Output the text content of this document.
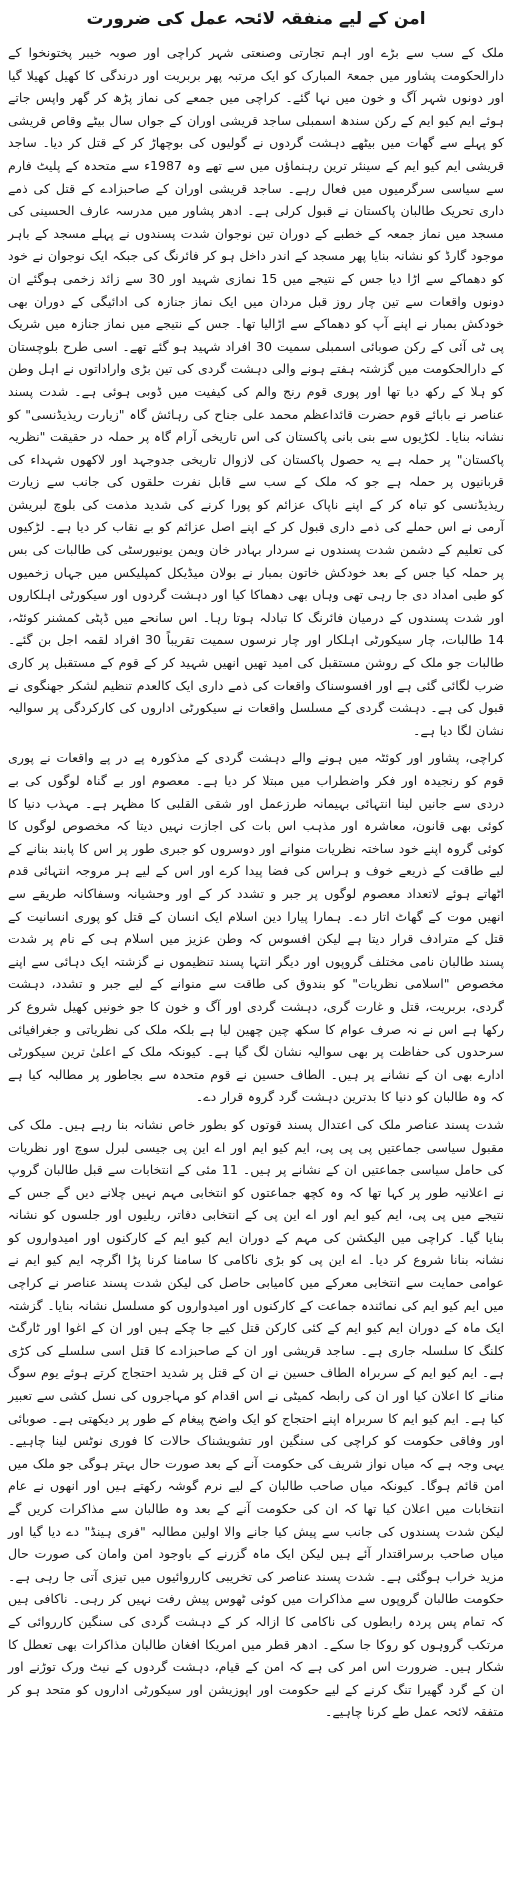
امن کے لیے منفقہ لائحہ عمل کی ضرورت

ملک کے سب سے بڑے اور اہم تجارتی وصنعتی شہر کراچی اور صوبہ خیبر پختونخوا کے دارالحکومت پشاور میں جمعۃ المبارک کو ایک مرتبہ پھر بربریت اور درندگی کا کھیل کھیلا گیا اور دونوں شہر آگ و خون میں نہا گئے۔ کراچی میں جمعے کی نماز پڑھ کر گھر واپس جاتے ہوئے ایم کیو ایم کے رکن سندھ اسمبلی ساجد قریشی اوران کے جواں سال بیٹے وقاص قریشی کو پہلے سے گھات میں بیٹھے دہشت گردوں نے گولیوں کی بوچھاڑ کر کے قتل کر دیا۔ ساجد قریشی ایم کیو ایم کے سینئر ترین رہنماؤں میں سے تھے وہ 1987ء سے متحدہ کے پلیٹ فارم سے سیاسی سرگرمیوں میں فعال رہے۔ ساجد قریشی اوران کے صاحبزادے کے قتل کی ذمے داری تحریک طالبان پاکستان نے قبول کرلی ہے۔ ادھر پشاور میں مدرسہ عارف الحسینی کی مسجد میں نماز جمعہ کے خطبے کے دوران تین نوجوان شدت پسندوں نے پہلے مسجد کے باہر موجود گارڈ کو نشانہ بنایا پھر مسجد کے اندر داخل ہو کر فائرنگ کی جبکہ ایک نوجوان نے خود کو دھماکے سے اڑا دیا جس کے نتیجے میں 15 نمازی شہید اور 30 سے زائد زخمی ہوگئے ان دونوں واقعات سے تین چار روز قبل مردان میں ایک نماز جنازہ کی ادائیگی کے دوران بھی خودکش بمبار نے اپنے آپ کو دھماکے سے اڑالیا تھا۔ جس کے نتیجے میں نماز جنازہ میں شریک پی ٹی آئی کے رکن صوبائی اسمبلی سمیت 30 افراد شہید ہو گئے تھے۔ اسی طرح بلوچستان کے دارالحکومت میں گزشتہ ہفتے ہونے والی دہشت گردی کی تین بڑی واراداتوں نے اہل وطن کو ہلا کے رکھ دیا تھا اور پوری قوم رنج والم کی کیفیت میں ڈوبی ہوئی ہے۔ شدت پسند عناصر نے بابائے قوم حضرت قائداعظم محمد علی جناح کی رہائش گاہ "زیارت ریذیڈنسی" کو نشانہ بنایا۔ لکڑیوں سے بنی بانی پاکستان کی اس تاریخی آرام گاہ پر حملہ در حقیقت "نظریہ پاکستان" پر حملہ ہے یہ حصول پاکستان کی لازوال تاریخی جدوجہد اور لاکھوں شہداء کی قربانیوں پر حملہ ہے جو کہ ملک کے سب سے قابل نفرت حلقوں کی جانب سے زیارت ریذیڈنسی کو تباہ کر کے اپنے ناپاک عزائم کو پورا کرنے کی شدید مذمت کی بلوچ لبریشن آرمی نے اس حملے کی ذمے داری قبول کر کے اپنے اصل عزائم کو بے نقاب کر دیا ہے۔ لڑکیوں کی تعلیم کے دشمن شدت پسندوں نے سردار بہادر خان ویمن یونیورسٹی کی طالبات کی بس پر حملہ کیا جس کے بعد خودکش خاتون بمبار نے بولان میڈیکل کمپلیکس میں جہاں زخمیوں کو طبی امداد دی جا رہی تھی وہاں بھی دھماکا کیا اور دہشت گردوں اور سیکورٹی اہلکاروں اور شدت پسندوں کے درمیان فائرنگ کا تبادلہ ہوتا رہا۔ اس سانحے میں ڈپٹی کمشنر کوئٹہ، 14 طالبات، چار سیکورٹی اہلکار اور چار نرسوں سمیت تقریباً 30 افراد لقمہ اجل بن گئے۔ طالبات جو ملک کے روشن مستقبل کی امید تھیں انھیں شہید کر کے قوم کے مستقبل پر کاری ضرب لگائی گئی ہے اور افسوسناک واقعات کی ذمے داری ایک کالعدم تنظیم لشکر جھنگوی نے قبول کی ہے۔ دہشت گردی کے مسلسل واقعات نے سیکورٹی اداروں کی کارکردگی پر سوالیہ نشان لگا دیا ہے۔

کراچی، پشاور اور کوئٹہ میں ہونے والے دہشت گردی کے مذکورہ پے در پے واقعات نے پوری قوم کو رنجیدہ اور فکر واضطراب میں مبتلا کر دیا ہے۔ معصوم اور بے گناہ لوگوں کی بے دردی سے جانیں لینا انتہائی بہیمانہ طرزعمل اور شقی القلبی کا مظہر ہے۔ مہذب دنیا کا کوئی بھی قانون، معاشرہ اور مذہب اس بات کی اجازت نہیں دیتا کہ مخصوص لوگوں کا کوئی گروہ اپنے خود ساختہ نظریات منوانے اور دوسروں کو جبری طور پر اس کا پابند بنانے کے لیے طاقت کے ذریعے خوف و ہراس کی فضا پیدا کرے اور اس کے لیے ہر مروجہ انتہائی قدم اٹھاتے ہوئے لاتعداد معصوم لوگوں پر جبر و تشدد کر کے اور وحشیانہ وسفاکانہ طریقے سے انھیں موت کے گھاٹ اتار دے۔ ہمارا پیارا دین اسلام ایک انسان کے قتل کو پوری انسانیت کے قتل کے مترادف قرار دیتا ہے لیکن افسوس کہ وطن عزیز میں اسلام ہی کے نام پر شدت پسند طالبان نامی مختلف گروپوں اور دیگر انتہا پسند تنظیموں نے گزشتہ ایک دہائی سے اپنے مخصوص "اسلامی نظریات" کو بندوق کی طاقت سے منوانے کے لیے جبر و تشدد، دہشت گردی، بربریت، قتل و غارت گری، دہشت گردی اور آگ و خون کا جو خونیں کھیل شروع کر رکھا ہے اس نے نہ صرف عوام کا سکھ چین چھین لیا ہے بلکہ ملک کی نظریاتی و جغرافیائی سرحدوں کی حفاظت پر بھی سوالیہ نشان لگ گیا ہے۔ کیونکہ ملک کے اعلیٰ ترین سیکورٹی ادارے بھی ان کے نشانے پر ہیں۔ الطاف حسین نے قوم متحدہ سے بجاطور پر مطالبہ کیا ہے کہ وہ طالبان کو دنیا کا بدترین دہشت گرد گروہ قرار دے۔

شدت پسند عناصر ملک کی اعتدال پسند قوتوں کو بطور خاص نشانہ بنا رہے ہیں۔ ملک کی مقبول سیاسی جماعتیں پی پی پی، ایم کیو ایم اور اے این پی جیسی لبرل سوچ اور نظریات کی حامل سیاسی جماعتیں ان کے نشانے پر ہیں۔ 11 مئی کے انتخابات سے قبل طالبان گروپ نے اعلانیہ طور پر کہا تھا کہ وہ کچھ جماعتوں کو انتخابی مہم نہیں چلانے دیں گے جس کے نتیجے میں پی پی، ایم کیو ایم اور اے این پی کے انتخابی دفاتر، ریلیوں اور جلسوں کو نشانہ بنایا گیا۔ کراچی میں الیکشن کی مہم کے دوران ایم کیو ایم کے کارکنوں اور امیدواروں کو نشانہ بنانا شروع کر دیا۔ اے این پی کو بڑی ناکامی کا سامنا کرنا پڑا اگرچہ ایم کیو ایم نے عوامی حمایت سے انتخابی معرکے میں کامیابی حاصل کی لیکن شدت پسند عناصر نے کراچی میں ایم کیو ایم کی نمائندہ جماعت کے کارکنوں اور امیدواروں کو مسلسل نشانہ بنایا۔ گزشتہ ایک ماہ کے دوران ایم کیو ایم کے کئی کارکن قتل کیے جا چکے ہیں اور ان کے اغوا اور ٹارگٹ کلنگ کا سلسلہ جاری ہے۔ ساجد قریشی اور ان کے صاحبزادے کا قتل اسی سلسلے کی کڑی ہے۔ ایم کیو ایم کے سربراہ الطاف حسین نے ان کے قتل پر شدید احتجاج کرتے ہوئے یوم سوگ منانے کا اعلان کیا اور ان کی رابطہ کمیٹی نے اس اقدام کو مہاجروں کی نسل کشی سے تعبیر کیا ہے۔ ایم کیو ایم کا سربراہ اپنے احتجاج کو ایک واضح پیغام کے طور پر دیکھتی ہے۔ صوبائی اور وفاقی حکومت کو کراچی کی سنگین اور تشویشناک حالات کا فوری نوٹس لینا چاہیے۔ یہی وجہ ہے کہ میاں نواز شریف کی حکومت آنے کے بعد صورت حال بہتر ہوگی جو ملک میں امن قائم ہوگا۔ کیونکہ میاں صاحب طالبان کے لیے نرم گوشہ رکھتے ہیں اور انھوں نے عام انتخابات میں اعلان کیا تھا کہ ان کی حکومت آنے کے بعد وہ طالبان سے مذاکرات کریں گے لیکن شدت پسندوں کی جانب سے پیش کیا جانے والا اولین مطالبہ "فری ہینڈ" دے دیا گیا اور میاں صاحب برسراقتدار آئے ہیں لیکن ایک ماہ گزرنے کے باوجود امن وامان کی صورت حال مزید خراب ہوگئی ہے۔ شدت پسند عناصر کی تخریبی کارروائیوں میں تیزی آتی جا رہی ہے۔ حکومت طالبان گروپوں سے مذاکرات میں کوئی ٹھوس پیش رفت نہیں کر رہی۔ ناکافی ہیں کہ تمام پس پردہ رابطوں کی ناکامی کا ازالہ کر کے دہشت گردی کی سنگین کارروائی کے مرتکب گروہوں کو روکا جا سکے۔ ادھر قطر میں امریکا افغان طالبان مذاکرات بھی تعطل کا شکار ہیں۔ ضرورت اس امر کی ہے کہ امن کے قیام، دہشت گردوں کے نیٹ ورک توڑنے اور ان کے گرد گھیرا تنگ کرنے کے لیے حکومت اور اپوزیشن اور سیکورٹی اداروں کو متحد ہو کر متفقہ لائحہ عمل طے کرنا چاہیے۔
